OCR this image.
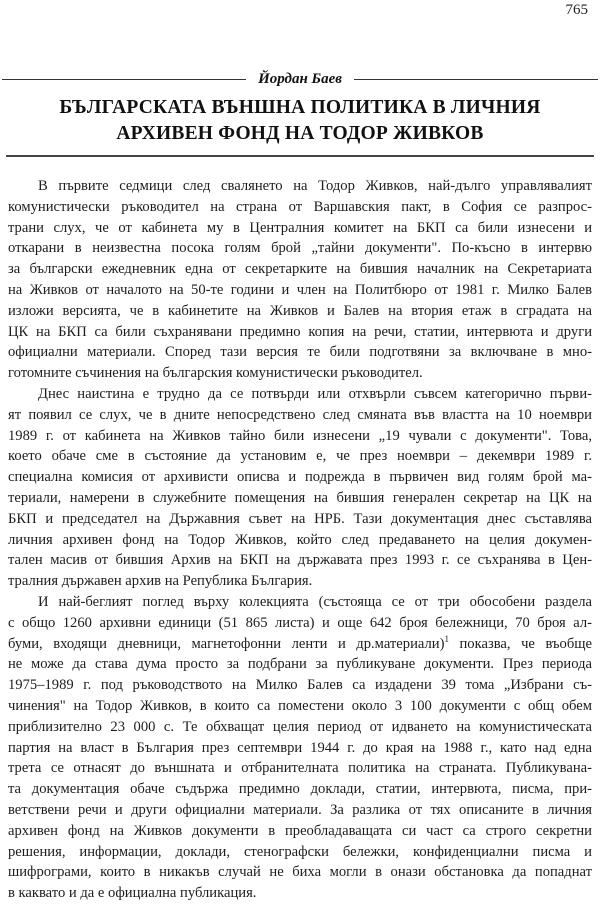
765
Йордан Баев
БЪЛГАРСКАТА ВЪНШНА ПОЛИТИКА В ЛИЧНИЯ
АРХИВЕН ФОНД НА ТОДОР ЖИВКОВ
В първите седмици след свалянето на Тодор Живков, най-дълго управлявалият
комунистически ръководител на страна от Варшавския пакт, в София се разпрос-
трани слух, че от кабинета му в Централния комитет на БКП са били изнесени и
откарани в неизвестна посока голям брой „тайни документи". По-късно в интервю
за български ежедневник една от секретарките на бившия началник на Секретариата
на Живков от началото на 50-те години и член на Политбюро от 1981 г. Милко Балев
изложи версията, че в кабинетите на Живков и Балев на втория етаж в сградата на
ЦК на БКП са били съхранявани предимно копия на речи, статии, интервюта и други
официални материали. Според тази версия те били подготвяни за включване в мно-
готомните съчинения на българския комунистически ръководител.
Днес наистина е трудно да се потвърди или отхвърли съвсем категорично първи-
ят появил се слух, че в дните непосредствено след смяната във властта на 10 ноември
1989 г. от кабинета на Живков тайно били изнесени „19 чували с документи". Това,
което обаче сме в състояние да установим е, че през ноември – декември 1989 г.
специална комисия от архивисти описва и подрежда в първичен вид голям брой ма-
териали, намерени в служебните помещения на бившия генерален секретар на ЦК на
БКП и председател на Държавния съвет на НРБ. Тази документация днес съставлява
личния архивен фонд на Тодор Живков, който след предаването на целия докумен-
тален масив от бившия Архив на БКП на държавата през 1993 г. се съхранява в Цен-
тралния държавен архив на Република България.
И най-беглият поглед върху колекцията (състояща се от три обособени раздела
с общо 1260 архивни единици (51 865 листа) и още 642 броя бележници, 70 броя ал-
буми, входящи дневници, магнетофонни ленти и др.материали)$^1$ показва, че въобще
не може да става дума просто за подбрани за публикуване документи. През периода
1975–1989 г. под ръководството на Милко Балев са издадени 39 тома „Избрани съ-
чинения" на Тодор Живков, в които са поместени около 3 100 документи с общ обем
приблизително 23 000 с. Те обхващат целия период от идването на комунистическата
партия на власт в България през септември 1944 г. до края на 1988 г., като над една
трета се отнасят до външната и отбранителната политика на страната. Публикувана-
та документация обаче съдържа предимно доклади, статии, интервюта, писма, при-
ветствени речи и други официални материали. За разлика от тях описаните в личния
архивен фонд на Живков документи в преобладаващата си част са строго секретни
решения, информации, доклади, стенографски бележки, конфиденциални писма и
шифрограми, които в никакъв случай не биха могли в онази обстановка да попаднат
в каквато и да е официална публикация.
